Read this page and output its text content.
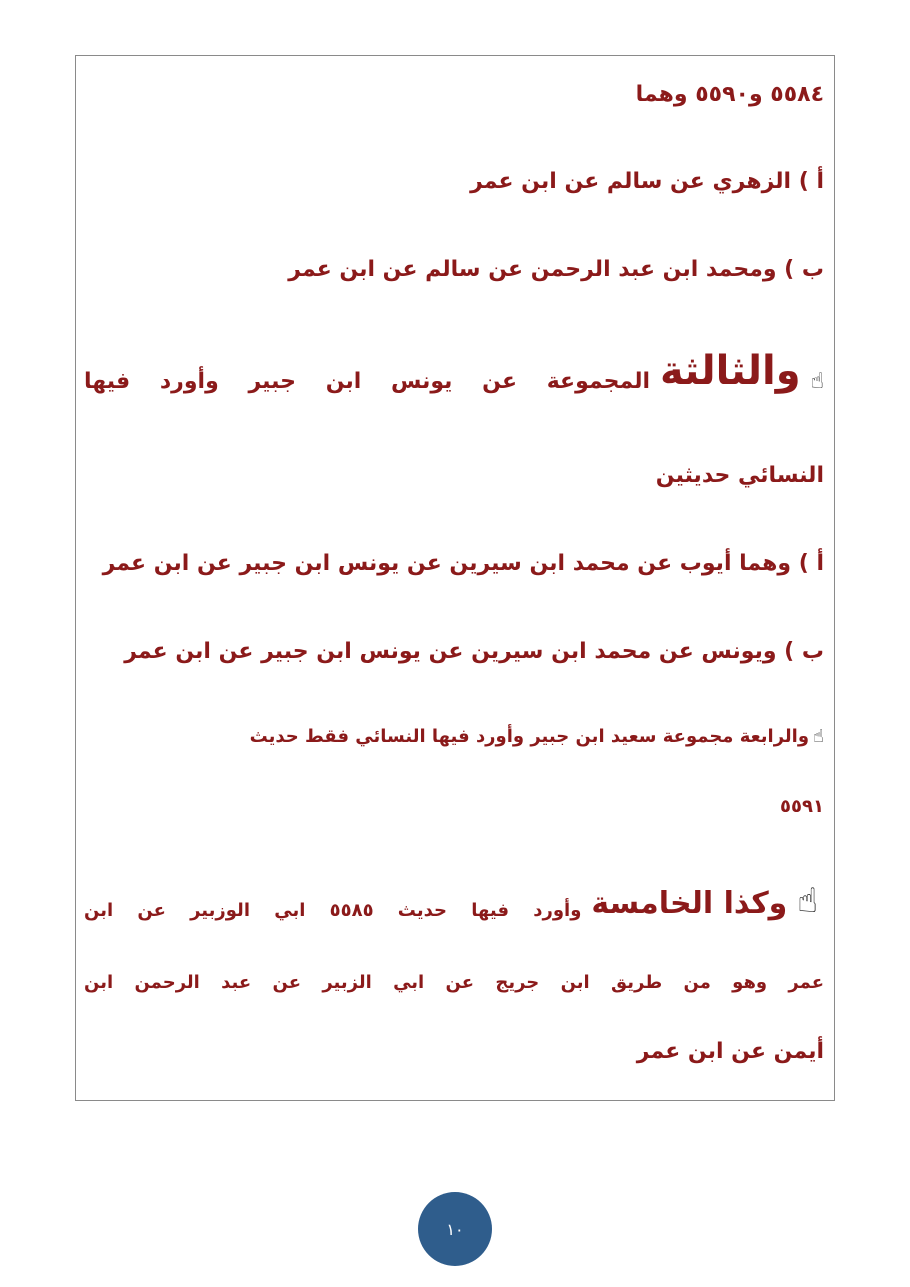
٥٥٨٤ و٥٥٩٠ وهما
أ ) الزهري عن سالم عن ابن عمر
ب ) ومحمد ابن عبد الرحمن عن سالم عن ابن عمر
☝
والثالثة
المجموعة عن يونس ابن جبير وأورد فيها
النسائي حديثين
أ ) وهما أيوب عن محمد ابن سيرين عن يونس ابن جبير عن ابن عمر
ب ) ويونس عن محمد ابن سيرين عن يونس ابن جبير عن ابن عمر
☝
والرابعة مجموعة سعيد ابن جبير وأورد فيها النسائي فقط حديث
٥٥٩١
☝
وكذا الخامسة
وأورد فيها حديث ٥٥٨٥ ابي الوزبير عن ابن
عمر وهو من طريق ابن جريج عن ابي الزبير عن عبد الرحمن ابن
أيمن عن ابن عمر
١٠
